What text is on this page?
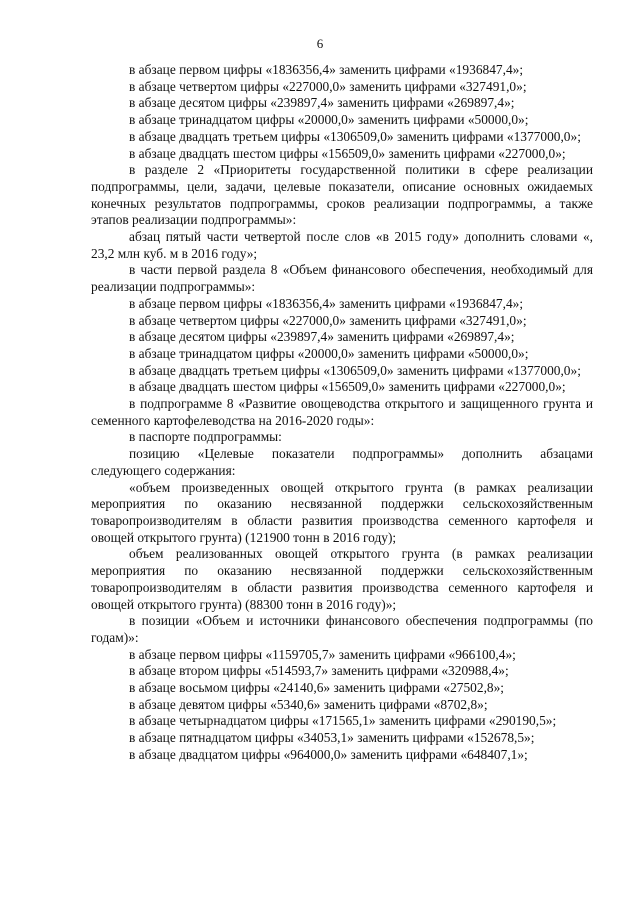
6

в абзаце первом цифры «1836356,4» заменить цифрами «1936847,4»;

в абзаце четвертом цифры «227000,0» заменить цифрами «327491,0»;

в абзаце десятом цифры «239897,4» заменить цифрами «269897,4»;

в абзаце тринадцатом цифры «20000,0» заменить цифрами «50000,0»;

в абзаце двадцать третьем цифры «1306509,0» заменить цифрами «1377000,0»;

в абзаце двадцать шестом цифры «156509,0» заменить цифрами «227000,0»;

в разделе 2 «Приоритеты государственной политики в сфере реализации подпрограммы, цели, задачи, целевые показатели, описание основных ожидаемых конечных результатов подпрограммы, сроков реализации подпрограммы, а также этапов реализации подпрограммы»:

абзац пятый части четвертой после слов «в 2015 году» дополнить словами «, 23,2 млн куб. м в 2016 году»;

в части первой раздела 8 «Объем финансового обеспечения, необходимый для реализации подпрограммы»:

в абзаце первом цифры «1836356,4» заменить цифрами «1936847,4»;

в абзаце четвертом цифры «227000,0» заменить цифрами «327491,0»;

в абзаце десятом цифры «239897,4» заменить цифрами «269897,4»;

в абзаце тринадцатом цифры «20000,0» заменить цифрами «50000,0»;

в абзаце двадцать третьем цифры «1306509,0» заменить цифрами «1377000,0»;

в абзаце двадцать шестом цифры «156509,0» заменить цифрами «227000,0»;

в подпрограмме 8 «Развитие овощеводства открытого и защищенного грунта и семенного картофелеводства на 2016-2020 годы»:

в паспорте подпрограммы:

позицию «Целевые показатели подпрограммы» дополнить абзацами следующего содержания:

«объем произведенных овощей открытого грунта (в рамках реализации мероприятия по оказанию несвязанной поддержки сельскохозяйственным товаропроизводителям в области развития производства семенного картофеля и овощей открытого грунта) (121900 тонн в 2016 году);

объем реализованных овощей открытого грунта (в рамках реализации мероприятия по оказанию несвязанной поддержки сельскохозяйственным товаропроизводителям в области развития производства семенного картофеля и овощей открытого грунта) (88300 тонн в 2016 году)»;

в позиции «Объем и источники финансового обеспечения подпрограммы (по годам)»:

в абзаце первом цифры «1159705,7» заменить цифрами «966100,4»;

в абзаце втором цифры «514593,7» заменить цифрами «320988,4»;

в абзаце восьмом цифры «24140,6» заменить цифрами «27502,8»;

в абзаце девятом цифры «5340,6» заменить цифрами «8702,8»;

в абзаце четырнадцатом цифры «171565,1» заменить цифрами «290190,5»;

в абзаце пятнадцатом цифры «34053,1» заменить цифрами «152678,5»;

в абзаце двадцатом цифры «964000,0» заменить цифрами «648407,1»;
